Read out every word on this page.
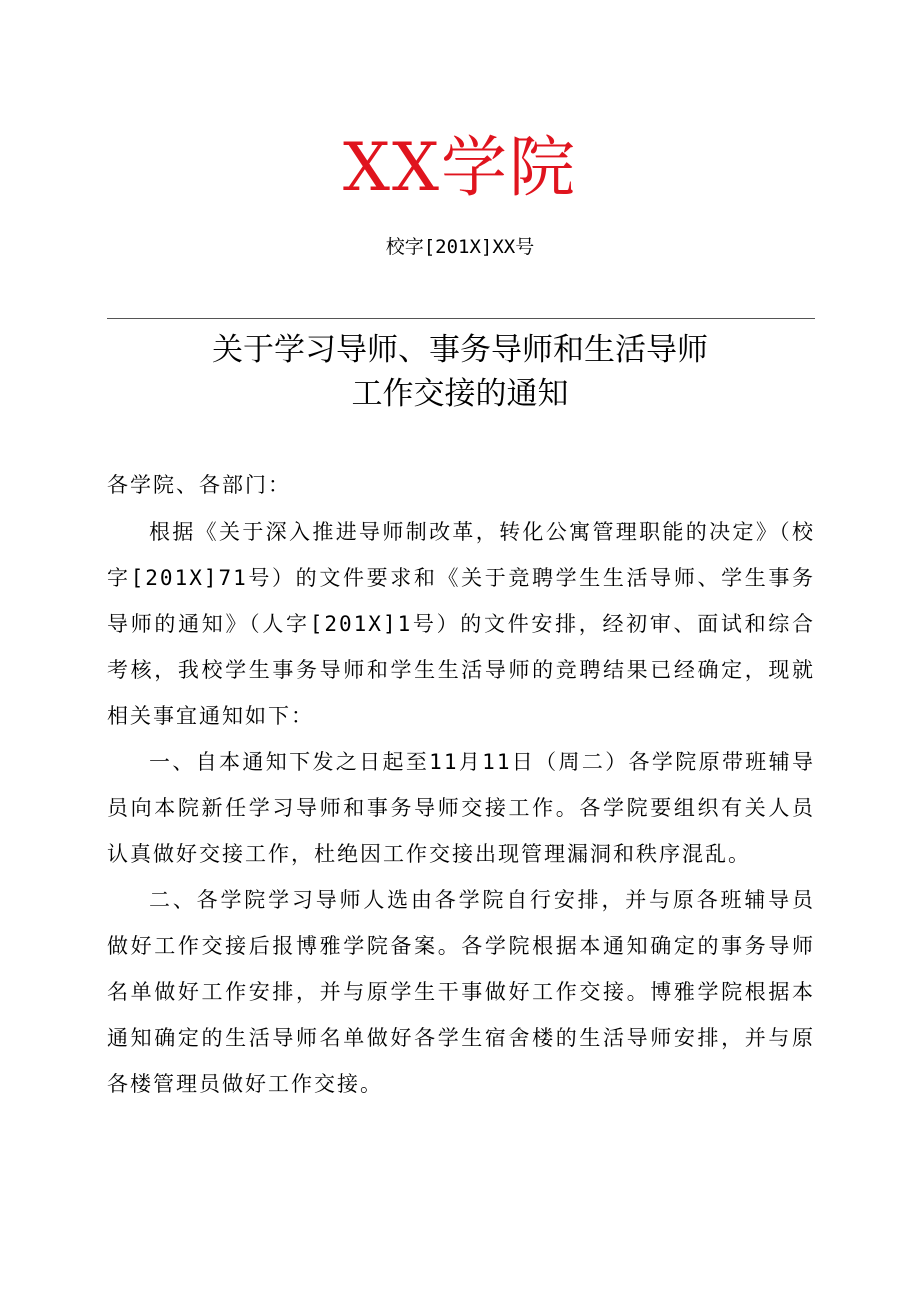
XX学院
校字[201X]XX号
关于学习导师、事务导师和生活导师
工作交接的通知

各学院、各部门：

根据《关于深入推进导师制改革，转化公寓管理职能的决定》（校字[201X]71号）的文件要求和《关于竞聘学生生活导师、学生事务导师的通知》（人字[201X]1号）的文件安排，经初审、面试和综合考核，我校学生事务导师和学生生活导师的竞聘结果已经确定，现就相关事宜通知如下：

一、自本通知下发之日起至11月11日（周二）各学院原带班辅导员向本院新任学习导师和事务导师交接工作。各学院要组织有关人员认真做好交接工作，杜绝因工作交接出现管理漏洞和秩序混乱。

二、各学院学习导师人选由各学院自行安排，并与原各班辅导员做好工作交接后报博雅学院备案。各学院根据本通知确定的事务导师名单做好工作安排，并与原学生干事做好工作交接。博雅学院根据本通知确定的生活导师名单做好各学生宿舍楼的生活导师安排，并与原各楼管理员做好工作交接。
